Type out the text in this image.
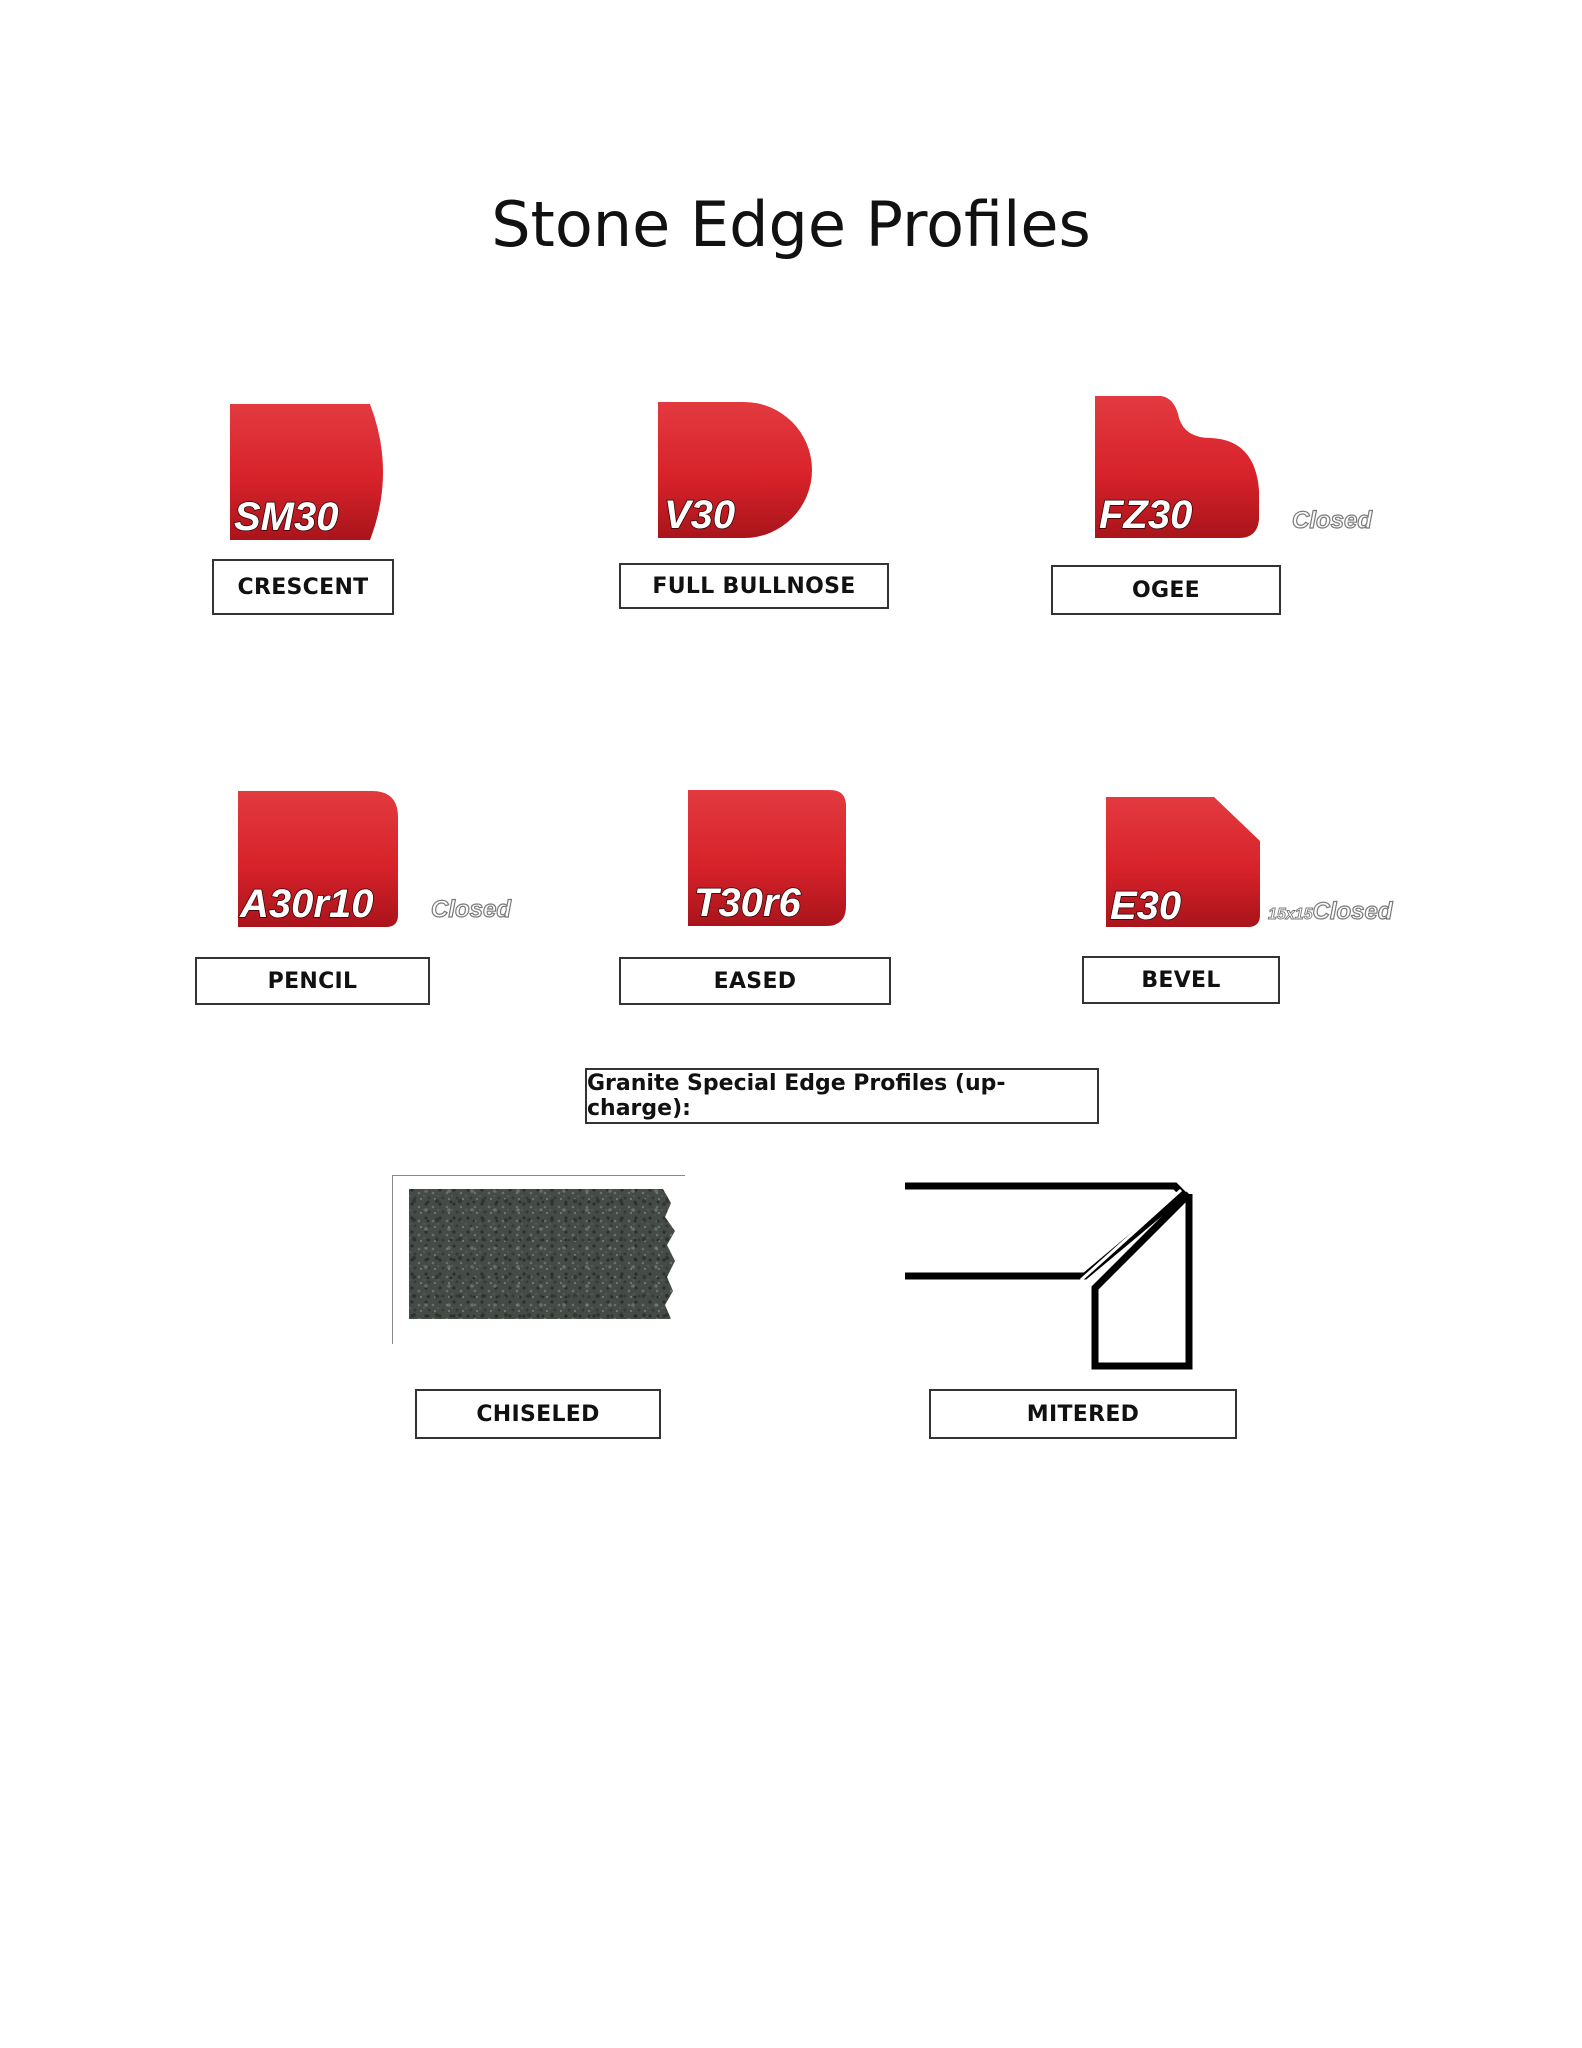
Stone Edge Profiles
SM30
CRESCENT
V30
FULL BULLNOSE
FZ30	Closed
OGEE
A30r10 Closed
PENCIL
T30r6
EASED
E30	15x15Closed
BEVEL
Granite Special Edge Profiles (up-charge):
CHISELED	MITERED
